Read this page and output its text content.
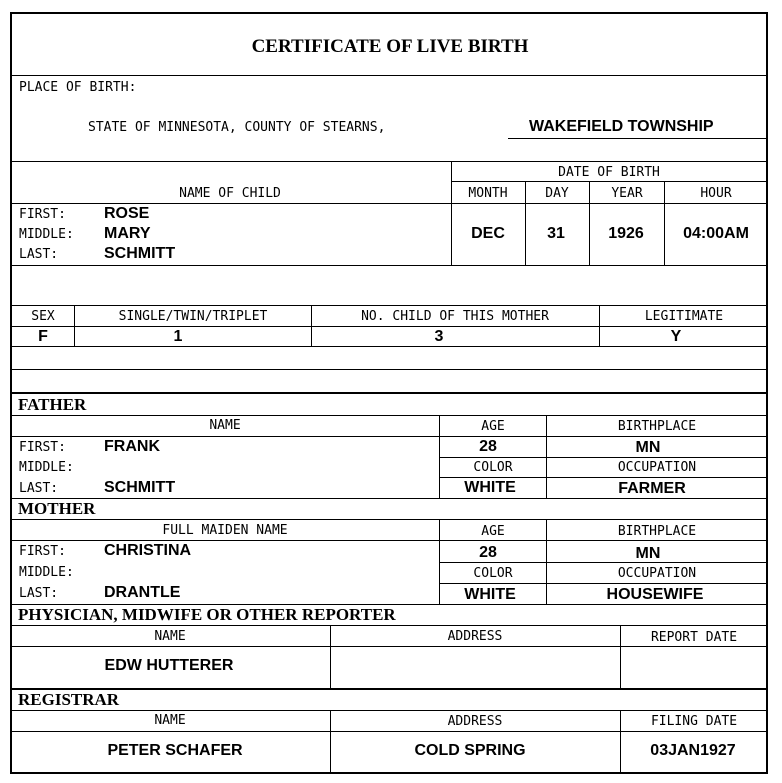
CERTIFICATE OF LIVE BIRTH
PLACE OF BIRTH:
STATE OF MINNESOTA, COUNTY OF STEARNS,	WAKEFIELD TOWNSHIP
DATE OF BIRTH
NAME OF CHILD	MONTH	DAY	YEAR	HOUR
FIRST: ROSE
MIDDLE: MARY
LAST:	SCHMITT
DEC	31	1926 04:00AM
SEX	SINGLE/TWIN/TRIPLET	NO. CHILD OF THIS MOTHER	LEGITIMATE
F	1	3	Y
FATHER
NAME	AGE	BIRTHPLACE
FIRST: FRANK
MIDDLE:
LAST:	SCHMITT
28	MN
COLOR	OCCUPATION
WHITE	FARMER
MOTHER
FULL MAIDEN NAME	AGE	BIRTHPLACE
FIRST: CHRISTINA
MIDDLE:
LAST:	DRANTLE
28	MN
COLOR	OCCUPATION
WHITE	HOUSEWIFE
PHYSICIAN, MIDWIFE OR OTHER REPORTER
NAME	ADDRESS	REPORT DATE
EDW HUTTERER
REGISTRAR
NAME	ADDRESS	FILING DATE
PETER SCHAFER	COLD SPRING	03JAN1927
